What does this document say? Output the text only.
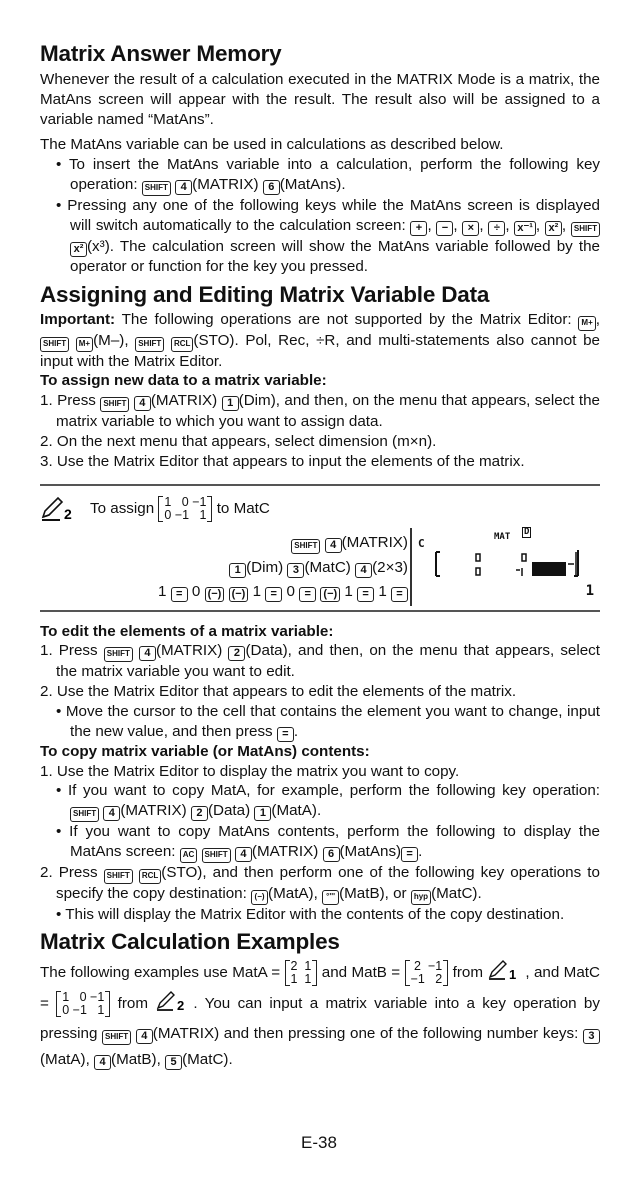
Matrix Answer Memory

Whenever the result of a calculation executed in the MATRIX Mode is a matrix, the MatAns screen will appear with the result. The result also will be assigned to a variable named “MatAns”.

The MatAns variable can be used in calculations as described below.

• To insert the MatAns variable into a calculation, perform the following key operation: SHIFT 4 (MATRIX) 6 (MatAns).
• Pressing any one of the following keys while the MatAns screen is displayed will switch automatically to the calculation screen: + , − , × , ÷ , x⁻¹ , x² , SHIFT x² (x³). The calculation screen will show the MatAns variable followed by the operator or function for the key you pressed.
Assigning and Editing Matrix Variable Data

Important: The following operations are not supported by the Matrix Editor: M+ , SHIFT M+ (M–), SHIFT RCL (STO). Pol, Rec, ÷R, and multi-statements also cannot be input with the Matrix Editor.

To assign new data to a matrix variable:

1. Press SHIFT 4 (MATRIX) 1 (Dim), and then, on the menu that appears, select the matrix variable to which you want to assign data.
2. On the next menu that appears, select dimension (m×n).
3. Use the Matrix Editor that appears to input the elements of the matrix.
2 To assign 1   0 −1
0 −1   1 to MatC
SHIFT 4 (MATRIX)
1 (Dim) 3 (MatC) 4 (2×3)
1 = 0 (−) (−) 1 = 0 = (−) 1 = 1 =
MAT D
C
1

To edit the elements of a matrix variable:

1. Press SHIFT 4 (MATRIX) 2 (Data), and then, on the menu that appears, select the matrix variable you want to edit.
2. Use the Matrix Editor that appears to edit the elements of the matrix.
• Move the cursor to the cell that contains the element you want to change, input the new value, and then press = .

To copy matrix variable (or MatAns) contents:

1. Use the Matrix Editor to display the matrix you want to copy.
• If you want to copy MatA, for example, perform the following key operation: SHIFT 4 (MATRIX) 2 (Data) 1 (MatA).
• If you want to copy MatAns contents, perform the following to display the MatAns screen: AC SHIFT 4 (MATRIX) 6 (MatAns) = .
2. Press SHIFT RCL (STO), and then perform one of the following key operations to specify the copy destination: (−) (MatA), °''' (MatB), or hyp (MatC).
• This will display the Matrix Editor with the contents of the copy destination.
Matrix Calculation Examples

The following examples use MatA = 2  1
1  1 and MatB = 2  −1
−1   2 from 1 , and MatC = 1   0 −1
0 −1   1 from 2 . You can input a matrix variable into a key operation by pressing SHIFT 4 (MATRIX) and then pressing one of the following number keys: 3(MatA), 4 (MatB), 5 (MatC).

E-38
